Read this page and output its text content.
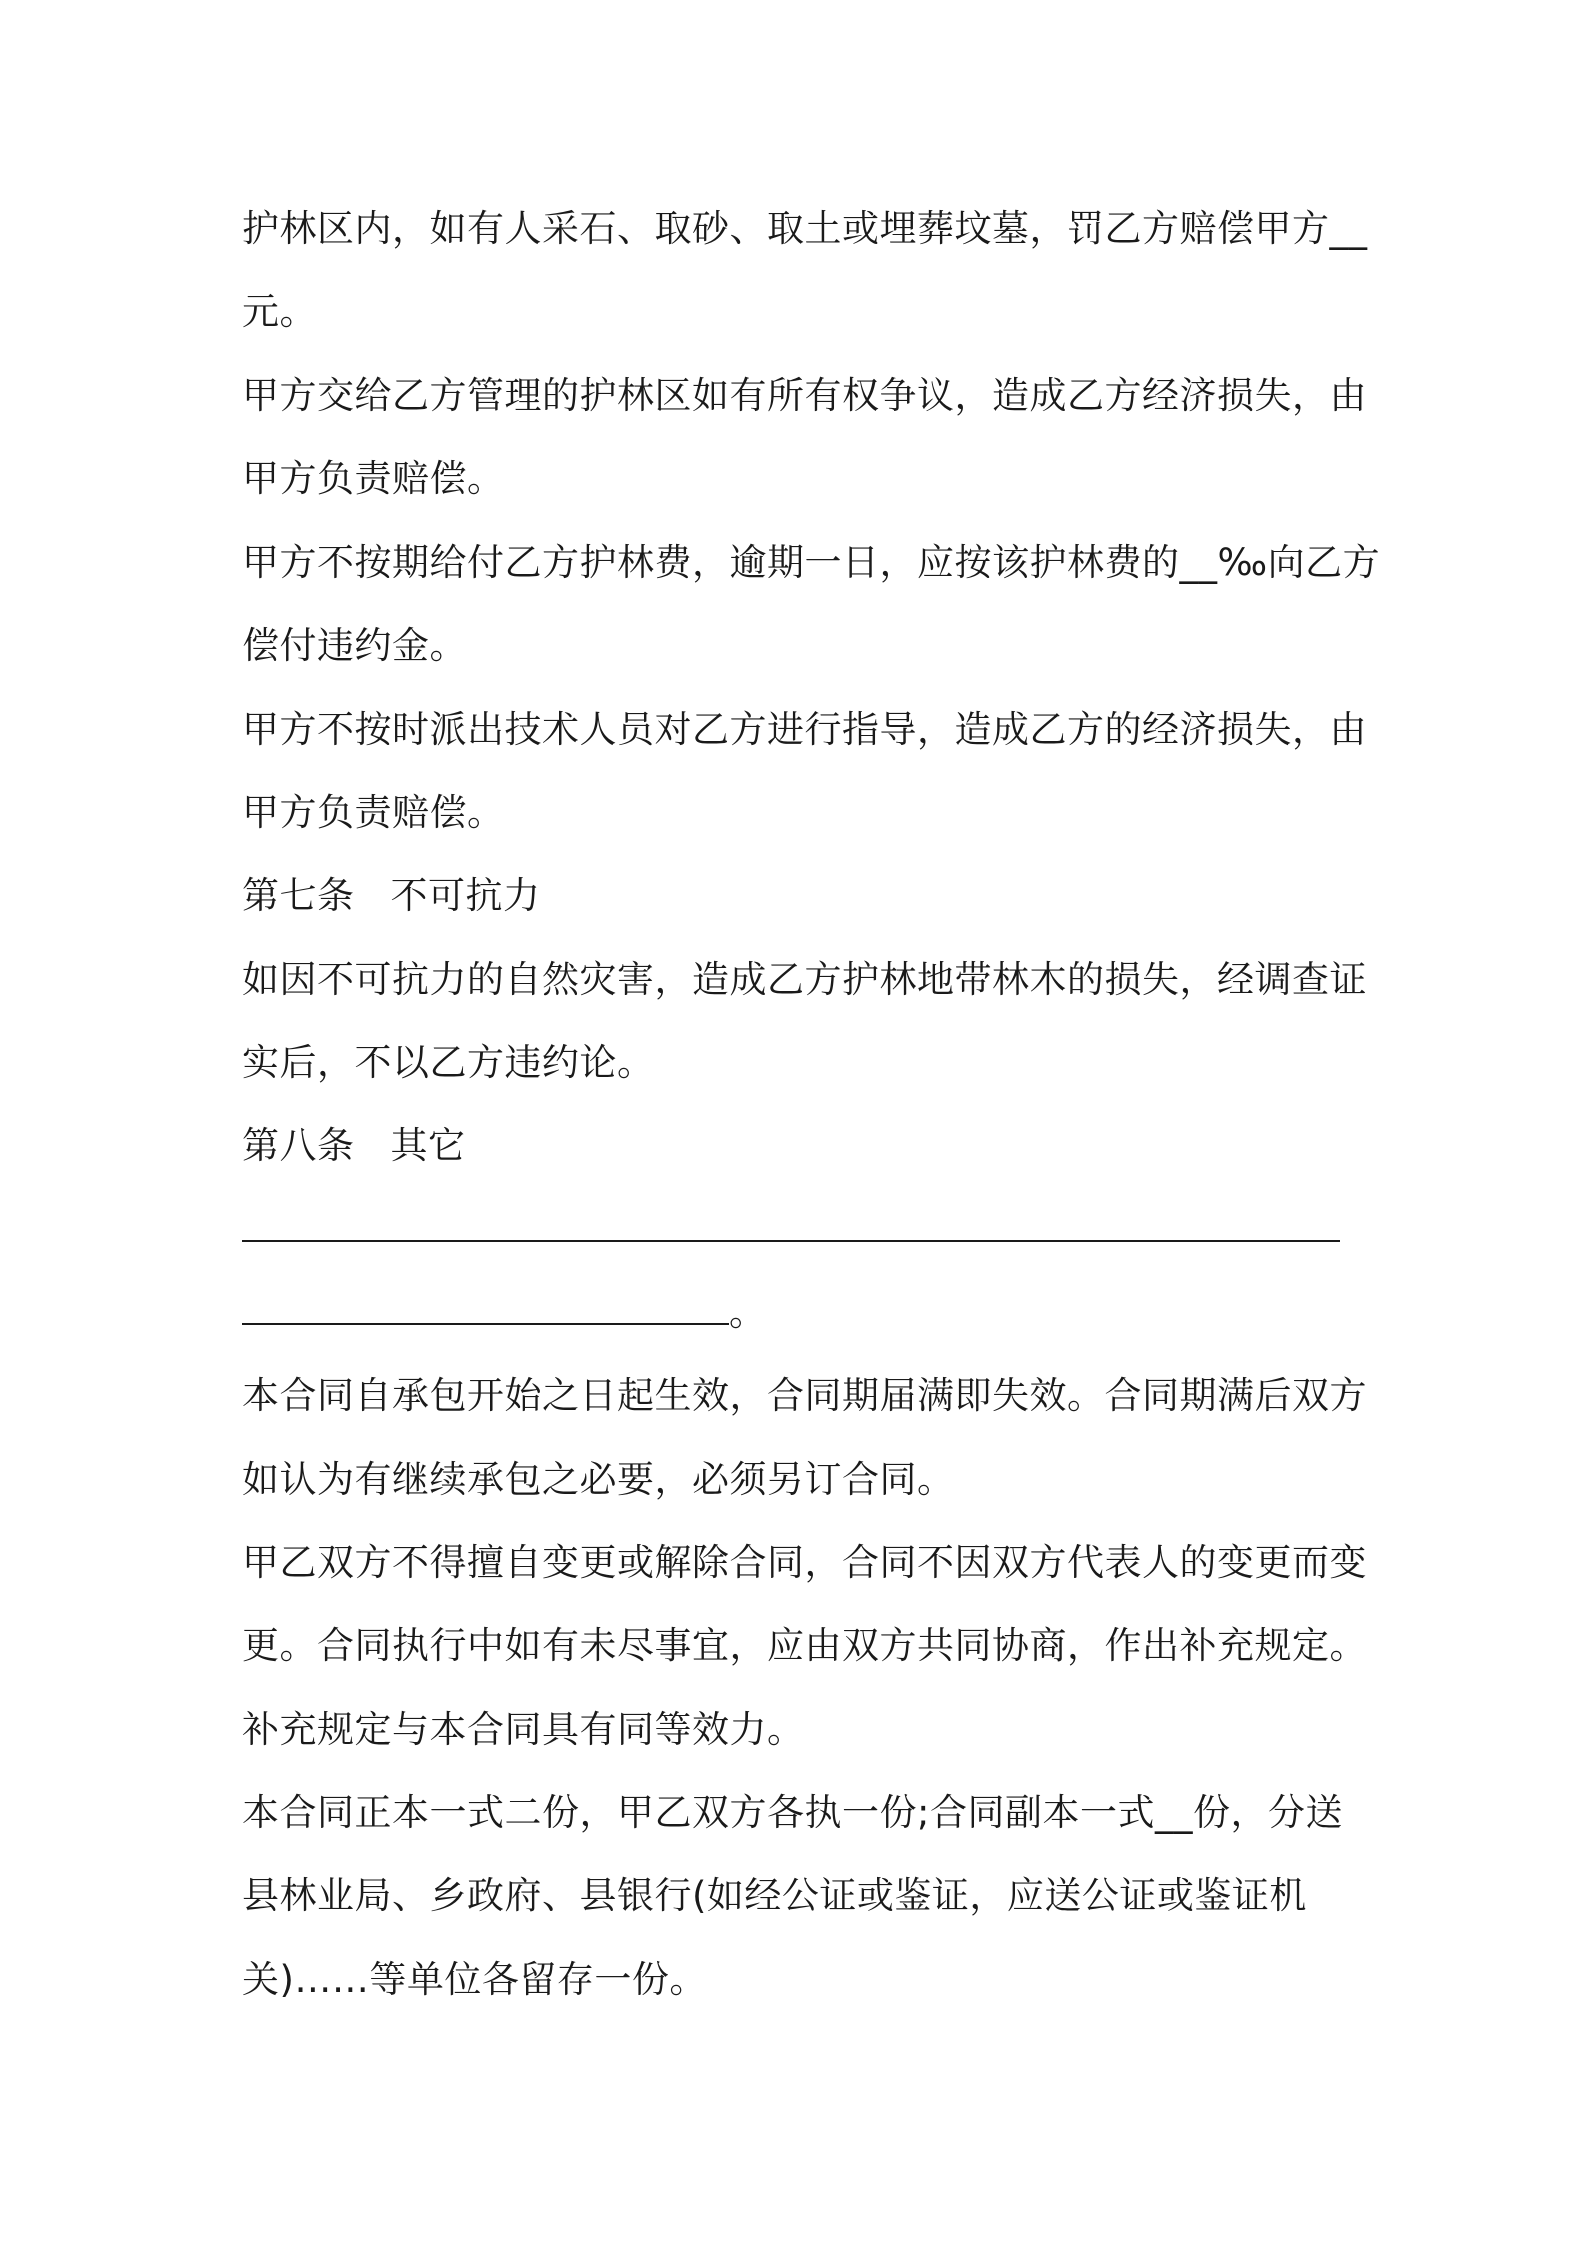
护林区内，如有人采石、取砂、取土或埋葬坟墓，罚乙方赔偿甲方__
元。
甲方交给乙方管理的护林区如有所有权争议，造成乙方经济损失，由
甲方负责赔偿。
甲方不按期给付乙方护林费，逾期一日，应按该护林费的__‰向乙方
偿付违约金。
甲方不按时派出技术人员对乙方进行指导，造成乙方的经济损失，由
甲方负责赔偿。
第七条 不可抗力
如因不可抗力的自然灾害，造成乙方护林地带林木的损失，经调查证
实后，不以乙方违约论。
第八条 其它
。
本合同自承包开始之日起生效，合同期届满即失效。合同期满后双方
如认为有继续承包之必要，必须另订合同。
甲乙双方不得擅自变更或解除合同，合同不因双方代表人的变更而变
更。合同执行中如有未尽事宜，应由双方共同协商，作出补充规定。
补充规定与本合同具有同等效力。
本合同正本一式二份，甲乙双方各执一份;合同副本一式__份，分送
县林业局、乡政府、县银行(如经公证或鉴证，应送公证或鉴证机
关)……等单位各留存一份。
